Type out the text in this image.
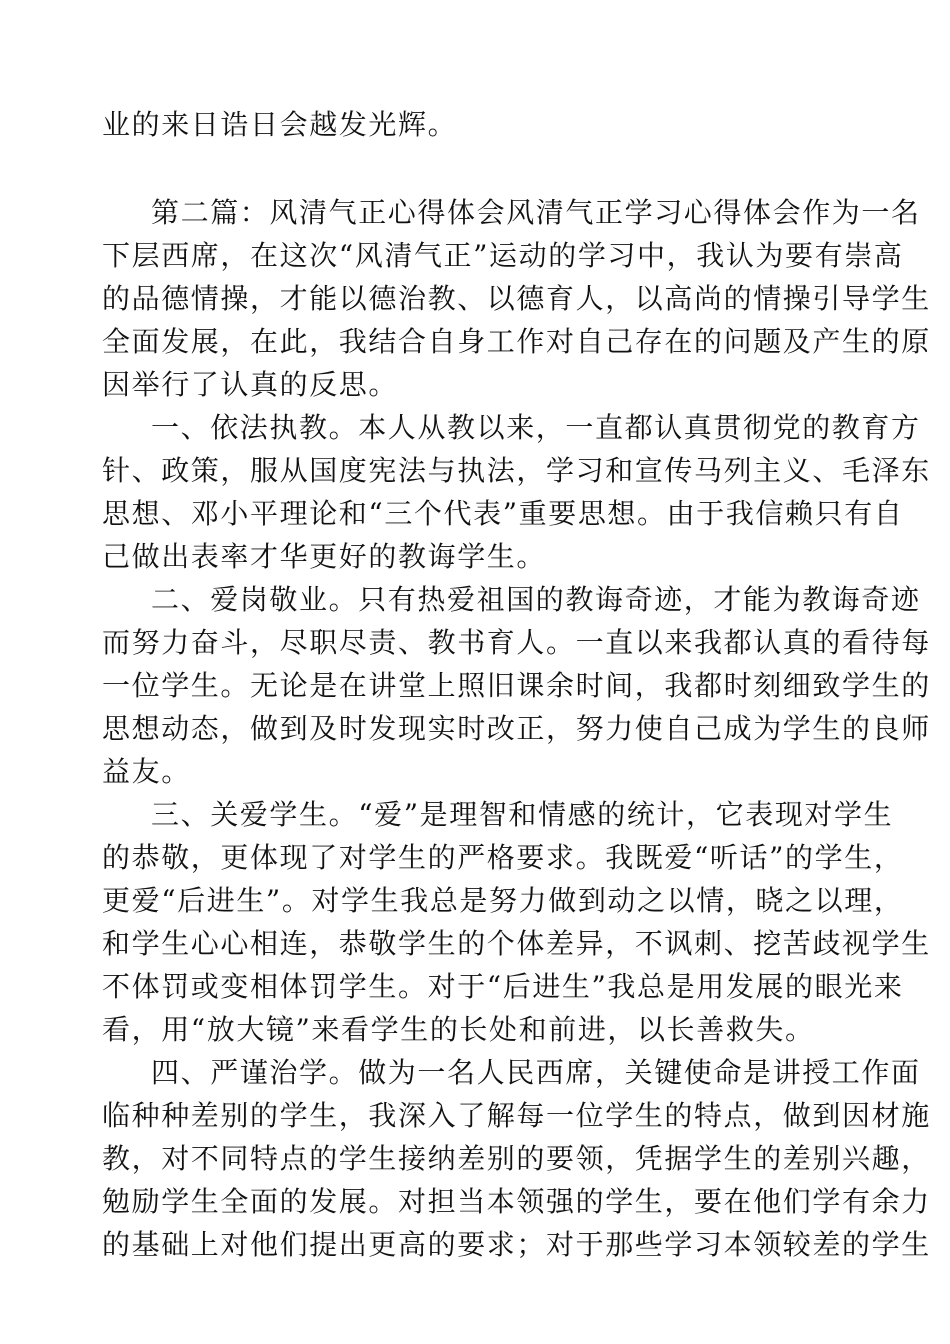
业的来日诰日会越发光辉。
第二篇：风清气正心得体会风清气正学习心得体会作为一名
下层西席，在这次“风清气正”运动的学习中，我认为要有崇高
的品德情操，才能以德治教、以德育人，以高尚的情操引导学生
全面发展，在此，我结合自身工作对自己存在的问题及产生的原
因举行了认真的反思。
一、依法执教。本人从教以来，一直都认真贯彻党的教育方
针、政策，服从国度宪法与执法，学习和宣传马列主义、毛泽东
思想、邓小平理论和“三个代表”重要思想。由于我信赖只有自
己做出表率才华更好的教诲学生。
二、爱岗敬业。只有热爱祖国的教诲奇迹，才能为教诲奇迹
而努力奋斗，尽职尽责、教书育人。一直以来我都认真的看待每
一位学生。无论是在讲堂上照旧课余时间，我都时刻细致学生的
思想动态，做到及时发现实时改正，努力使自己成为学生的良师
益友。
三、关爱学生。“爱”是理智和情感的统计，它表现对学生
的恭敬，更体现了对学生的严格要求。我既爱“听话”的学生，
更爱“后进生”。对学生我总是努力做到动之以情，晓之以理，
和学生心心相连，恭敬学生的个体差异，不讽刺、挖苦歧视学生
不体罚或变相体罚学生。对于“后进生”我总是用发展的眼光来
看，用“放大镜”来看学生的长处和前进，以长善救失。
四、严谨治学。做为一名人民西席，关键使命是讲授工作面
临种种差别的学生，我深入了解每一位学生的特点，做到因材施
教，对不同特点的学生接纳差别的要领，凭据学生的差别兴趣，
勉励学生全面的发展。对担当本领强的学生，要在他们学有余力
的基础上对他们提出更高的要求；对于那些学习本领较差的学生
